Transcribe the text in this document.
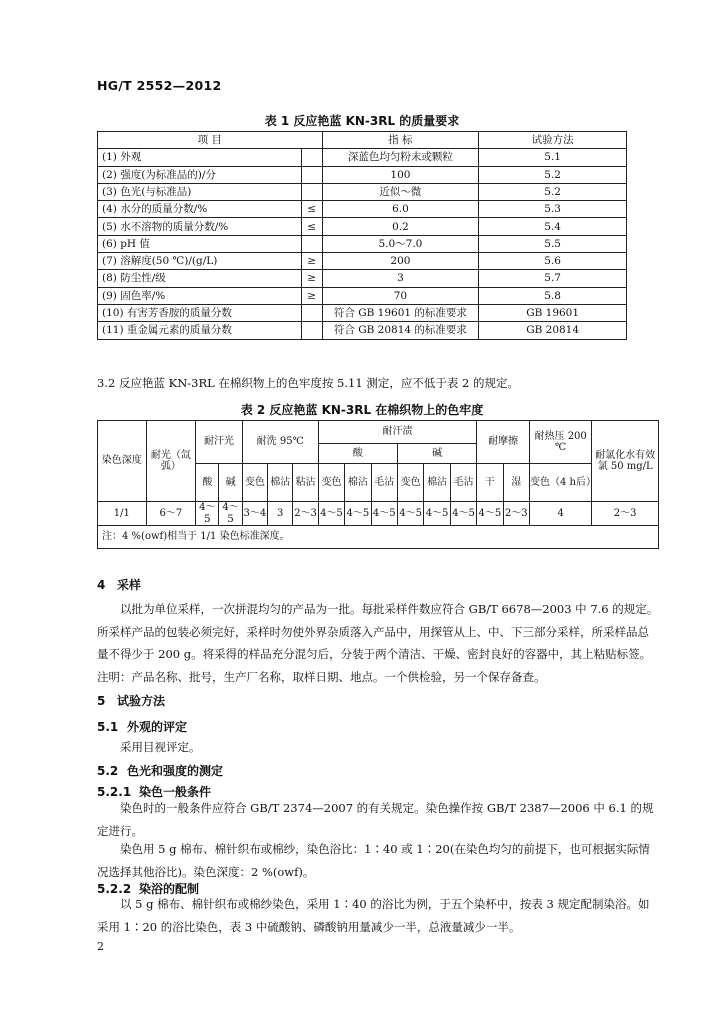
HG/T 2552—2012
表 1 反应艳蓝 KN-3RL 的质量要求
项 目		指 标	试验方法
(1) 外观		深蓝色均匀粉末或颗粒	5.1
(2) 强度(为标准品的)/分		100	5.2
(3) 色光(与标准品)		近似～微	5.2
(4) 水分的质量分数/%	≤	6.0	5.3
(5) 水不溶物的质量分数/%	≤	0.2	5.4
(6) pH 值		5.0～7.0	5.5
(7) 溶解度(50 ℃)/(g/L)	≥	200	5.6
(8) 防尘性/级	≥	3	5.7
(9) 固色率/%	≥	70	5.8
(10) 有害芳香胺的质量分数		符合 GB 19601 的标准要求	GB 19601
(11) 重金属元素的质量分数		符合 GB 20814 的标准要求	GB 20814
3.2 反应艳蓝 KN-3RL 在棉织物上的色牢度按 5.11 测定，应不低于表 2 的规定。
表 2 反应艳蓝 KN-3RL 在棉织物上的色牢度
染色深度	耐光（氙弧）	耐汗光		耐洗 95℃			耐汗渍						耐摩擦		耐热压 200 ℃	耐氯化水有效氯 50 mg/L
							酸			碱						
		酸	碱	变色	棉沾	粘沾	变色	棉沾	毛沾	变色	棉沾	毛沾	干	湿	变色（4 h后）	
1/1	6～7	4～5	4～5	3～4	3	2～3	4～5	4～5	4～5	4～5	4～5	4～5	4～5	2～3	4	2～3
注：4 %(owf)相当于 1/1 染色标准深度。																
4 采样
以批为单位采样，一次拼混均匀的产品为一批。每批采样件数应符合 GB/T 6678—2003 中 7.6 的规定。所采样产品的包装必须完好，采样时勿使外界杂质落入产品中，用探管从上、中、下三部分采样，所采样品总量不得少于 200 g。将采得的样品充分混匀后，分装于两个清洁、干燥、密封良好的容器中，其上粘贴标签。注明：产品名称、批号，生产厂名称，取样日期、地点。一个供检验，另一个保存备查。
5 试验方法
5.1 外观的评定
采用目视评定。
5.2 色光和强度的测定
5.2.1 染色一般条件
染色时的一般条件应符合 GB/T 2374—2007 的有关规定。染色操作按 GB/T 2387—2006 中 6.1 的规定进行。
染色用 5 g 棉布、棉针织布或棉纱，染色浴比：1∶40 或 1∶20(在染色均匀的前提下，也可根据实际情况选择其他浴比)。染色深度：2 %(owf)。
5.2.2 染浴的配制
以 5 g 棉布、棉针织布或棉纱染色，采用 1∶40 的浴比为例，于五个染杯中，按表 3 规定配制染浴。如采用 1∶20 的浴比染色，表 3 中硫酸钠、磷酸钠用量减少一半，总液量减少一半。
2
